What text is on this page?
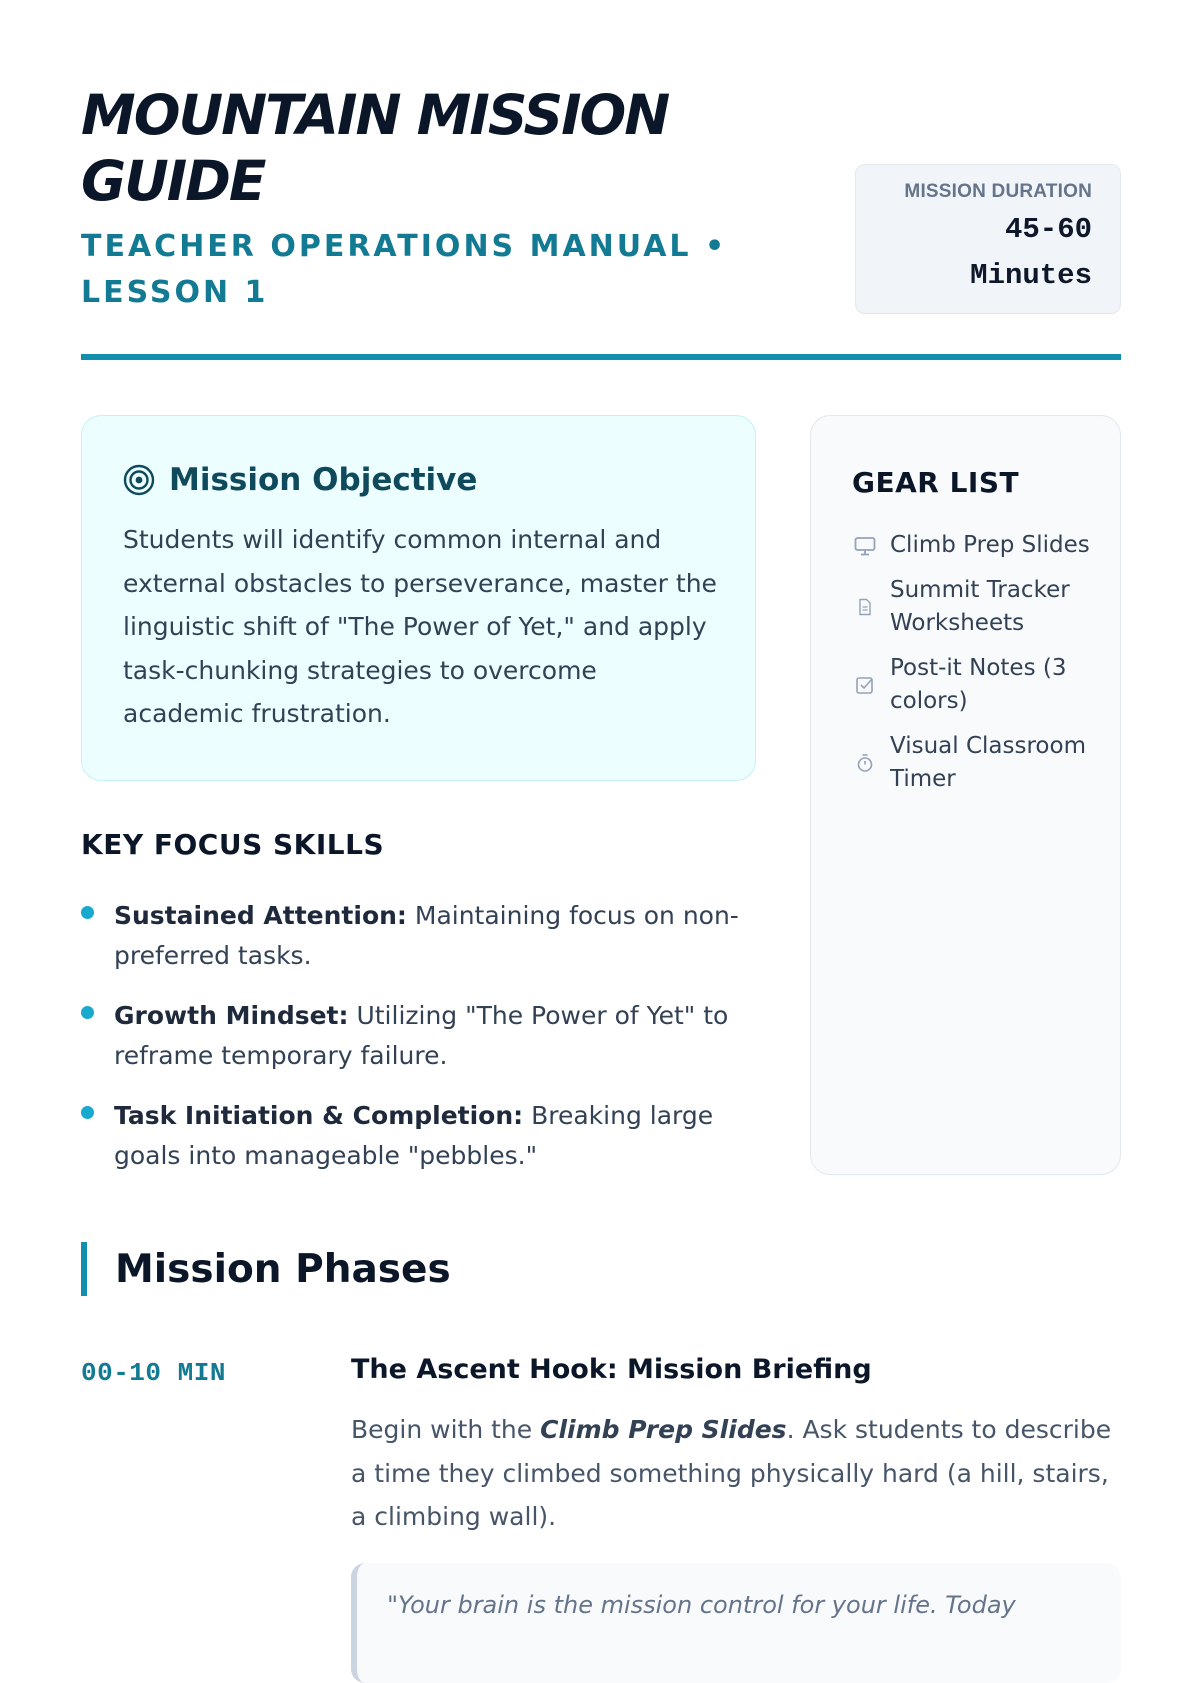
MOUNTAIN MISSION GUIDE
TEACHER OPERATIONS MANUAL • LESSON 1
MISSION DURATION
45-60
Minutes
Mission Objective

Students will identify common internal and external obstacles to perseverance, master the linguistic shift of "The Power of Yet," and apply task-chunking strategies to overcome academic frustration.

KEY FOCUS SKILLS
Sustained Attention: Maintaining focus on non-preferred tasks.
Growth Mindset: Utilizing "The Power of Yet" to reframe temporary failure.
Task Initiation & Completion: Breaking large goals into manageable "pebbles."
GEAR LIST
Climb Prep Slides
Summit Tracker Worksheets
Post-it Notes (3 colors)
Visual Classroom Timer
Mission Phases
00-10 MIN	The Ascent Hook: Mission Briefing

Begin with the Climb Prep Slides. Ask students to describe a time they climbed something physically hard (a hill, stairs, a climbing wall).

"Your brain is the mission control for your life. Today
